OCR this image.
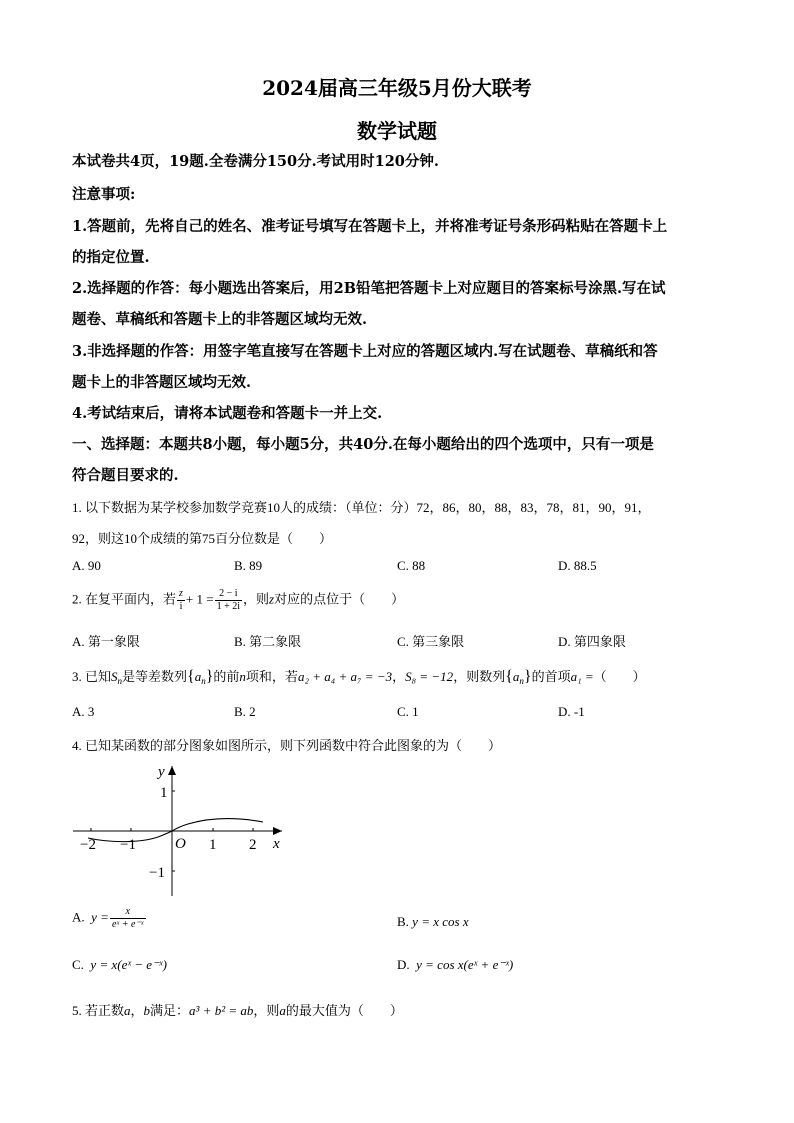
2024届高三年级5月份大联考
数学试题
本试卷共4页，19题.全卷满分150分.考试用时120分钟.
注意事项:
1.答题前，先将自己的姓名、准考证号填写在答题卡上，并将准考证号条形码粘贴在答题卡上
的指定位置.
2.选择题的作答：每小题选出答案后，用2B铅笔把答题卡上对应题目的答案标号涂黑.写在试
题卷、草稿纸和答题卡上的非答题区域均无效.
3.非选择题的作答：用签字笔直接写在答题卡上对应的答题区域内.写在试题卷、草稿纸和答
题卡上的非答题区域均无效.
4.考试结束后，请将本试题卷和答题卡一并上交.
一、选择题：本题共8小题，每小题5分，共40分.在每小题给出的四个选项中，只有一项是
符合题目要求的.
1. 以下数据为某学校参加数学竞赛10人的成绩：（单位：分）72，86，80，88，83，78，81，90，91，
92，则这10个成绩的第75百分位数是（　　）
A. 90	B. 89	C. 88	D. 88.5
2. 在复平面内，若 $\frac{z}{i} + 1 = \frac{2 - i}{1 + 2i}$ ，则z对应的点位于（　　）
A. 第一象限	B. 第二象限	C. 第三象限	D. 第四象限
3. 已知$S_n$是等差数列$\{a_n\}$的前n项和，若a₂ + a₄ + a₇ = −3，S₈ = −12，则数列$\{a_n\}$的首项a₁ =（　　）
A. 3	B. 2	C. 1	D. -1
4. 已知某函数的部分图象如图所示，则下列函数中符合此图象的为（　　）
y
x
O
−2 −1	1 2
1
−1
A. $y = \frac{x}{\text{eˣ + e⁻ˣ}}$	B. y = x cos x
C. y = x(eˣ − e⁻ˣ)	D. y = cos x(eˣ + e⁻ˣ)
5. 若正数a，b满足：a³ + b² = ab，则a的最大值为（　　）
